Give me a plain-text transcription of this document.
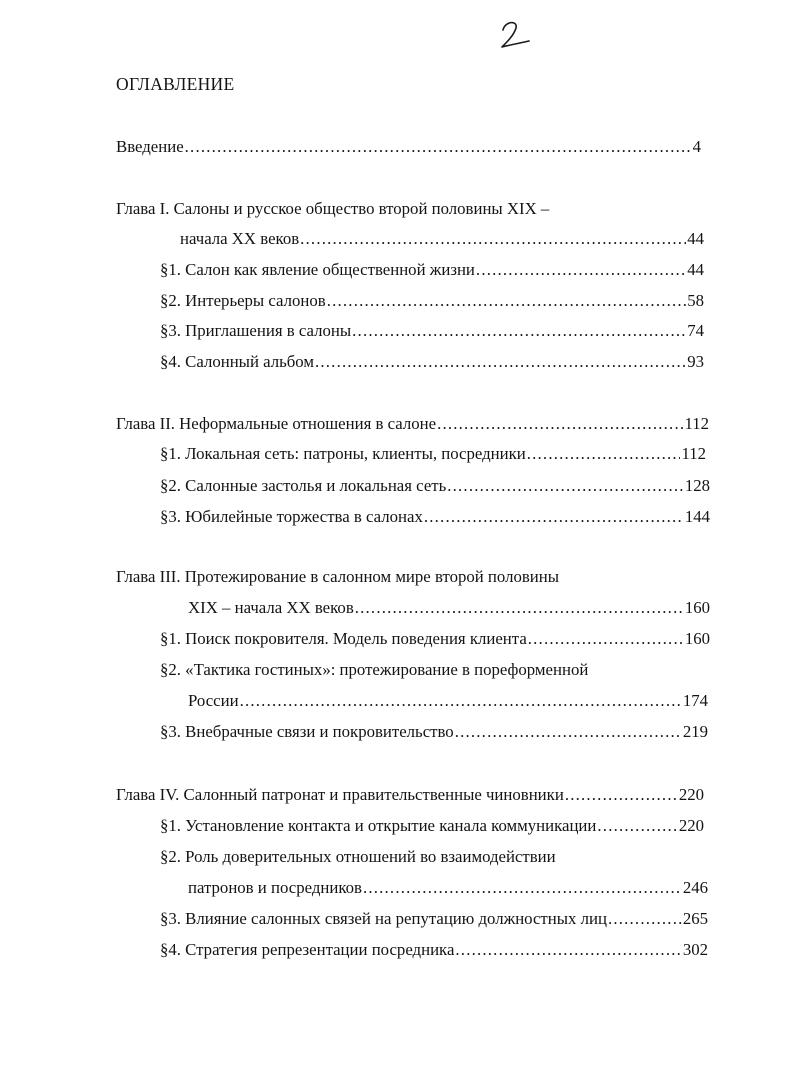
ОГЛАВЛЕНИЕ
Введение .....	4
Глава I. Салоны и русское общество второй половины XIX –
начала XX веков .....	44
§1. Салон как явление общественной жизни .....	44
§2. Интерьеры салонов .....	58
§3. Приглашения в салоны .....	74
§4. Салонный альбом .....	93
Глава II. Неформальные отношения в салоне .....	112
§1. Локальная сеть: патроны, клиенты, посредники .....	112
§2. Салонные застолья и локальная сеть .....	128
§3. Юбилейные торжества в салонах .....	144
Глава III. Протежирование в салонном мире второй половины
XIX – начала XX веков .....	160
§1. Поиск покровителя. Модель поведения клиента .....	160
§2. «Тактика гостиных»: протежирование в пореформенной
России .....	174
§3. Внебрачные связи и покровительство .....	219
Глава IV. Салонный патронат и правительственные чиновники .....	220
§1. Установление контакта и открытие канала коммуникации .....	220
§2. Роль доверительных отношений во взаимодействии
патронов и посредников .....	246
§3. Влияние салонных связей на репутацию должностных лиц .....	265
§4. Стратегия репрезентации посредника .....	302
